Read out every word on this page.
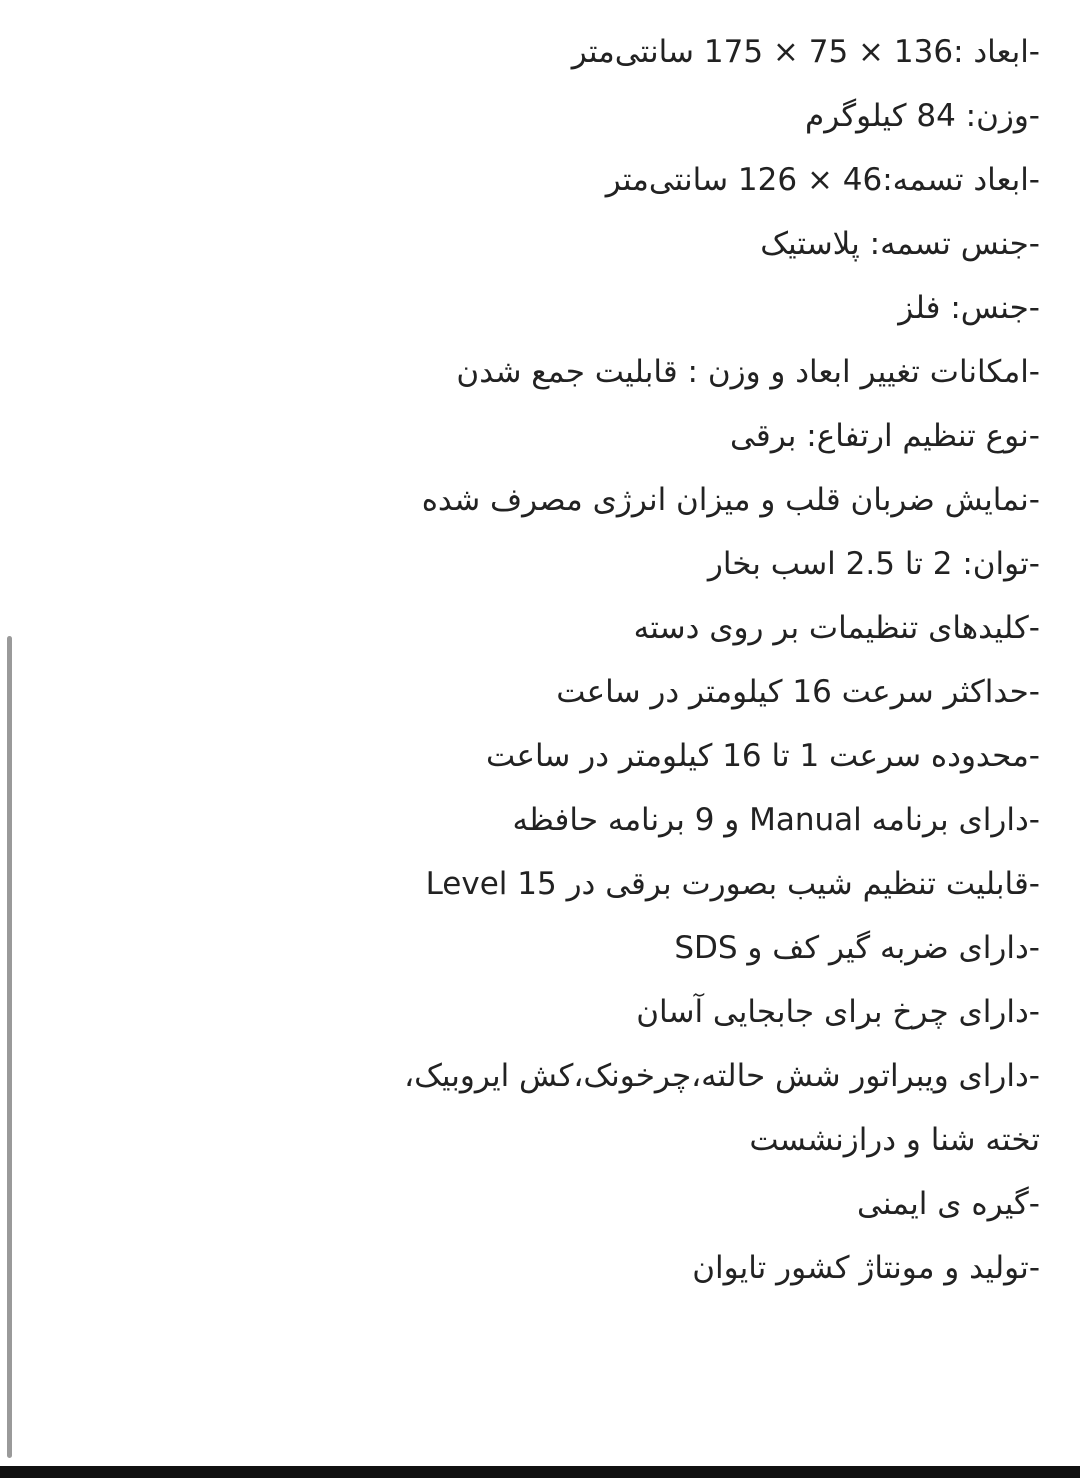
-ابعاد :136 × 75 × 175 سانتی‌متر
-وزن: 84 کیلوگرم
-ابعاد تسمه:46 × 126 سانتی‌متر
-جنس تسمه: پلاستیک
-جنس: فلز
-امکانات تغییر ابعاد و وزن : قابلیت جمع شدن
-نوع تنظیم ارتفاع: برقی
-نمایش ضربان قلب و میزان انرژی مصرف شده
-توان: 2 تا 2.5 اسب بخار
-کلیدهای تنظیمات بر روی دسته
-حداکثر سرعت 16 کیلومتر در ساعت
-محدوده سرعت 1 تا 16 کیلومتر در ساعت
-دارای برنامه Manual و 9 برنامه حافظه
-قابلیت تنظیم شیب بصورت برقی در Level 15
-دارای ضربه گیر کف و SDS
-دارای چرخ برای جابجایی آسان
-دارای ویبراتور شش حالته،چرخونک،کش ایروبیک،
تخته شنا و درازنشست
-گیره ی ایمنی
-تولید و مونتاژ کشور تایوان
